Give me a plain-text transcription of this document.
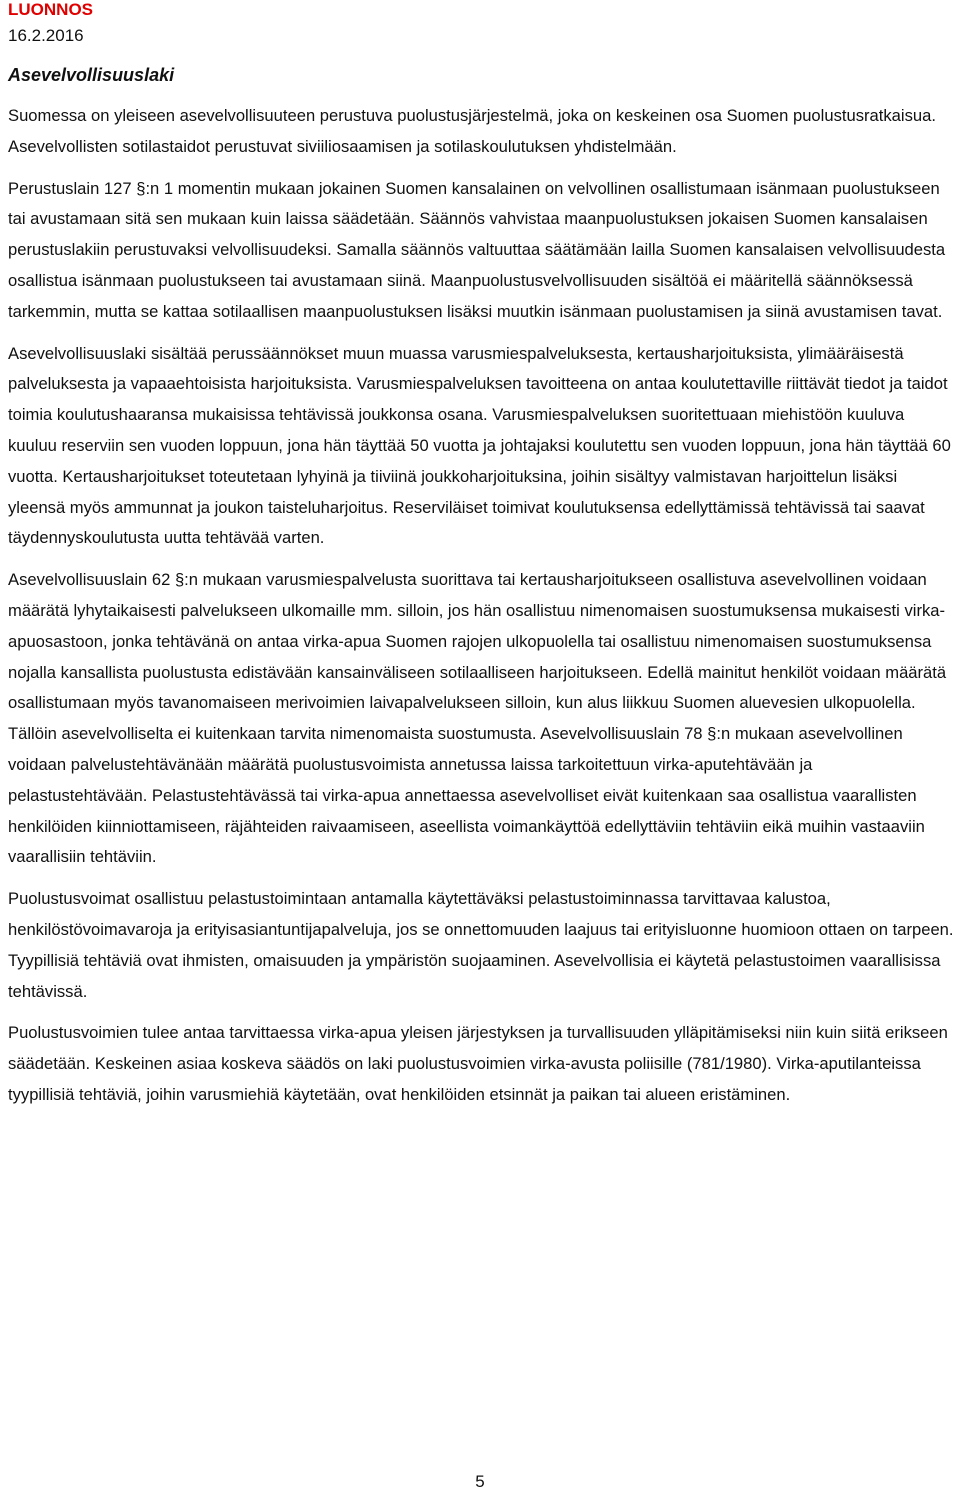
LUONNOS

16.2.2016

Asevelvollisuuslaki

Suomessa on yleiseen asevelvollisuuteen perustuva puolustusjärjestelmä, joka on keskeinen osa Suomen puolustusratkaisua. Asevelvollisten sotilastaidot perustuvat siviiliosaamisen ja sotilaskoulutuksen yhdistelmään.

Perustuslain 127 §:n 1 momentin mukaan jokainen Suomen kansalainen on velvollinen osallistumaan isänmaan puolustukseen tai avustamaan sitä sen mukaan kuin laissa säädetään. Säännös vahvistaa maanpuolustuksen jokaisen Suomen kansalaisen perustuslakiin perustuvaksi velvollisuudeksi. Samalla säännös valtuuttaa säätämään lailla Suomen kansalaisen velvollisuudesta osallistua isänmaan puolustukseen tai avustamaan siinä. Maanpuolustusvelvollisuuden sisältöä ei määritellä säännöksessä tarkemmin, mutta se kattaa sotilaallisen maanpuolustuksen lisäksi muutkin isänmaan puolustamisen ja siinä avustamisen tavat.

Asevelvollisuuslaki sisältää perussäännökset muun muassa varusmiespalveluksesta, kertausharjoituksista, ylimääräisestä palveluksesta ja vapaaehtoisista harjoituksista. Varusmiespalveluksen tavoitteena on antaa koulutettaville riittävät tiedot ja taidot toimia koulutushaaransa mukaisissa tehtävissä joukkonsa osana. Varusmiespalveluksen suoritettuaan miehistöön kuuluva kuuluu reserviin sen vuoden loppuun, jona hän täyttää 50 vuotta ja johtajaksi koulutettu sen vuoden loppuun, jona hän täyttää 60 vuotta. Kertausharjoitukset toteutetaan lyhyinä ja tiiviinä joukkoharjoituksina, joihin sisältyy valmistavan harjoittelun lisäksi yleensä myös ammunnat ja joukon taisteluharjoitus. Reserviläiset toimivat koulutuksensa edellyttämissä tehtävissä tai saavat täydennyskoulutusta uutta tehtävää varten.

Asevelvollisuuslain 62 §:n mukaan varusmiespalvelusta suorittava tai kertausharjoitukseen osallistuva asevelvollinen voidaan määrätä lyhytaikaisesti palvelukseen ulkomaille mm. silloin, jos hän osallistuu nimenomaisen suostumuksensa mukaisesti virka-apuosastoon, jonka tehtävänä on antaa virka-apua Suomen rajojen ulkopuolella tai osallistuu nimenomaisen suostumuksensa nojalla kansallista puolustusta edistävään kansainväliseen sotilaalliseen harjoitukseen. Edellä mainitut henkilöt voidaan määrätä osallistumaan myös tavanomaiseen merivoimien laivapalvelukseen silloin, kun alus liikkuu Suomen aluevesien ulkopuolella. Tällöin asevelvolliselta ei kuitenkaan tarvita nimenomaista suostumusta. Asevelvollisuuslain 78 §:n mukaan asevelvollinen voidaan palvelustehtävänään määrätä puolustusvoimista annetussa laissa tarkoitettuun virka-aputehtävään ja pelastustehtävään. Pelastustehtävässä tai virka-apua annettaessa asevelvolliset eivät kuitenkaan saa osallistua vaarallisten henkilöiden kiinniottamiseen, räjähteiden raivaamiseen, aseellista voimankäyttöä edellyttäviin tehtäviin eikä muihin vastaaviin vaarallisiin tehtäviin.

Puolustusvoimat osallistuu pelastustoimintaan antamalla käytettäväksi pelastustoiminnassa tarvittavaa kalustoa, henkilöstövoimavaroja ja erityisasiantuntijapalveluja, jos se onnettomuuden laajuus tai erityisluonne huomioon ottaen on tarpeen. Tyypillisiä tehtäviä ovat ihmisten, omaisuuden ja ympäristön suojaaminen. Asevelvollisia ei käytetä pelastustoimen vaarallisissa tehtävissä.

Puolustusvoimien tulee antaa tarvittaessa virka-apua yleisen järjestyksen ja turvallisuuden ylläpitämiseksi niin kuin siitä erikseen säädetään. Keskeinen asiaa koskeva säädös on laki puolustusvoimien virka-avusta poliisille (781/1980). Virka-aputilanteissa tyypillisiä tehtäviä, joihin varusmiehiä käytetään, ovat henkilöiden etsinnät ja paikan tai alueen eristäminen.

5
